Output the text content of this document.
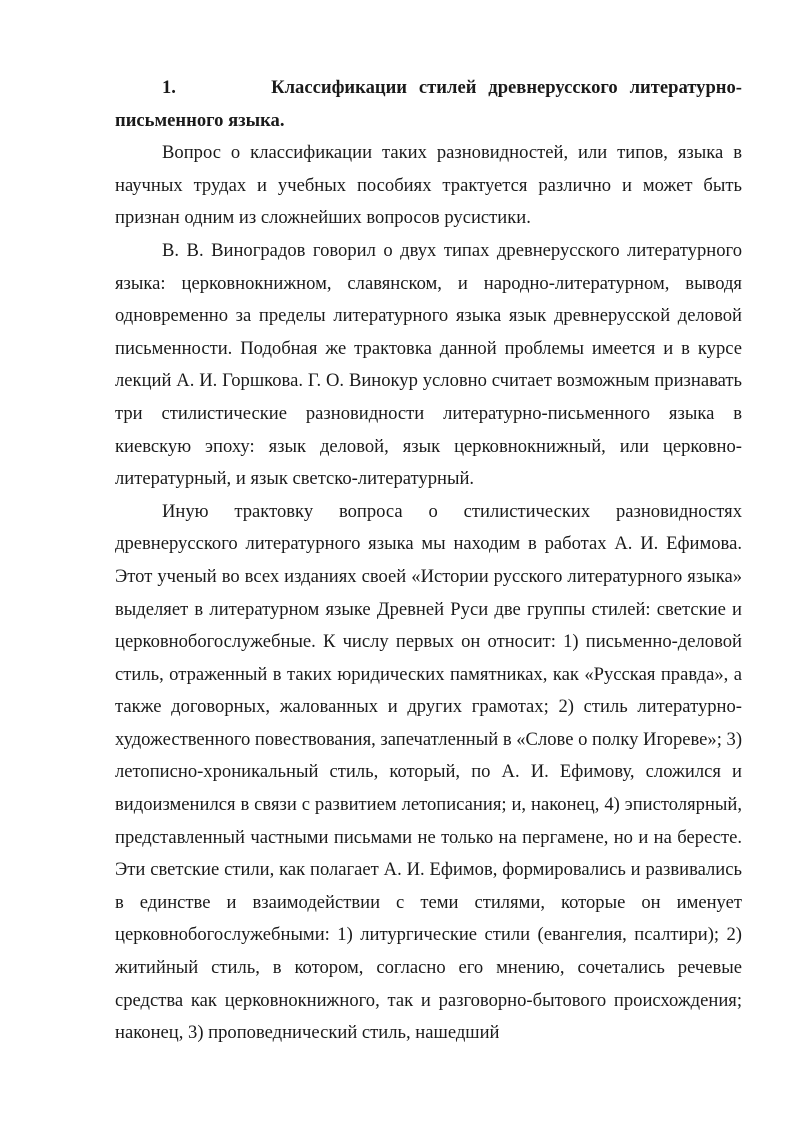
1.        Классификации стилей древнерусского литературно-письменного языка.

Вопрос о классификации таких разновидностей, или типов, языка в научных трудах и учебных пособиях трактуется различно и может быть признан одним из сложнейших вопросов русистики.

В. В. Виноградов говорил о двух типах древнерусского литературного языка: церковнокнижном, славянском, и народно-литературном, выводя одновременно за пределы литературного языка язык древнерусской деловой письменности. Подобная же трактовка данной проблемы имеется и в курсе лекций А. И. Горшкова. Г. О. Винокур условно считает возможным признавать три стилистические разновидности литературно-письменного языка в киевскую эпоху: язык деловой, язык церковнокнижный, или церковно-литературный, и язык светско-литературный.

Иную трактовку вопроса о стилистических разновидностях древнерусского литературного языка мы находим в работах А. И. Ефимова. Этот ученый во всех изданиях своей «Истории русского литературного языка» выделяет в литературном языке Древней Руси две группы стилей: светские и церковнобогослужебные. К числу первых он относит: 1) письменно-деловой стиль, отраженный в таких юридических памятниках, как «Русская правда», а также договорных, жалованных и других грамотах; 2) стиль литературно-художественного повествования, запечатленный в «Слове о полку Игореве»; 3) летописно-хроникальный стиль, который, по А. И. Ефимову, сложился и видоизменился в связи с развитием летописания; и, наконец, 4) эпистолярный, представленный частными письмами не только на пергамене, но и на бересте. Эти светские стили, как полагает А. И. Ефимов, формировались и развивались в единстве и взаимодействии с теми стилями, которые он именует церковнобогослужебными: 1) литургические стили (евангелия, псалтири); 2) житийный стиль, в котором, согласно его мнению, сочетались речевые средства как церковнокнижного, так и разговорно-бытового происхождения; наконец, 3) проповеднический стиль, нашедший
